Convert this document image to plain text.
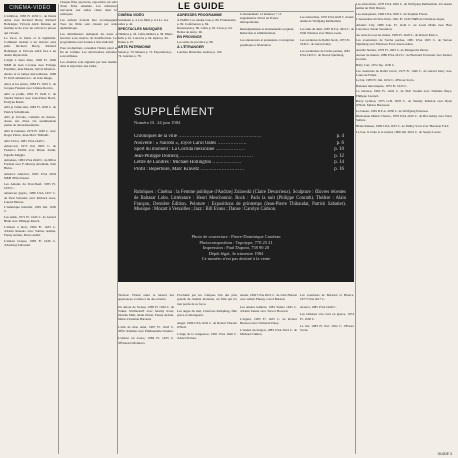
CINÉMA-VIDÉO

L'addition, 1983 Fr 1h50 C. de Denis Amar avec Richard Berry, Richard Bohringer, Victoria Abril. Détenu, un homme se lie avec un caïd de la prison qui s'évade.

La force, la haine et la légitimité. Comment résister à un univers sans pitié. Richard Berry, Richard Bohringer et Victoria Abril face à un destin implacable.

L'aigle à deux têtes, 1948 Fr. 1h40 N&B de Jean Cocteau avec Edwige Feuillère, Jean Marais, Sylvia Monfort.

Alexis et la lampe merveilleuse, 1969 Fr 1h45 animation C. de Jean Image.

Alice et les autres, 1984 Fr. 1h25 C. de Jacques Fansten avec Liliane Rovère.

Allô ce jardin, 1981 Fr 1h40 C. de Sandra Werner avec Jean-Pierre Bacri, Evelyne Bouix.

Allô je t'aime mal, 1982 Fr. 1h30 C. de Patrick Schulmann.

Allô je t'écoute, comédie de mœurs, douze ans d'une vie sentimentale pleine de rebondissements.

Allô le bonheur, 1979 Fr 1h30 C. avec Roger Pierre, Jean-Marc Thibault.

Allô Victor, 1981 USA 1h40 C.

Amarcord, 1973 Ital. 2h05 C. de Federico Fellini avec Bruno Zanin, Pupella Maggio.

Amadeus, 1984 USA 2h40 C. de Milos Forman avec F. Murray Abraham, Tom Hulce.

America America, 1963 USA 2h54 N&B d'Elia Kazan.

Les Amants du Pont-Neuf, 1983 Fr. 1h35 C.

American gigolo, 1980 USA 1h57 C. de Paul Schrader avec Richard Gere, Lauren Hutton.

L'Amérique interdite, 1981 Ital. 1h30 C.

Les Amis, 1971 Fr. 1h45 C. de Gérard Blain avec Philippe March.

L'amour à mort, 1984 Fr. 1h33 C. d'Alain Resnais avec Sabine Azéma, Fanny Ardant, Pierre Arditi.

L'amour braque, 1985 Fr 1h40 C. d'Andrzej Zulawski.

Chaque film, spectacle, exposition est suivi d'une fiche résumée. Les références renvoient aux salles citées dans les rubriques.

Les enfants doivent être accompagnés. Tous les films sont classés par ordre alphabétique.

Les distributeurs indiquent les dates et horaires sous réserve de modification. Les programmes sont donnés à titre indicatif.

Pour un dépliant, consultez l'index placé en fin de volume. Les abréviations suivantes sont utilisées.

Les cinémas sont signalés par leur numéro dans le répertoire des salles.

LE GUIDE
CINÉMA VIDÉO
Sommaire p. 4. Les films p. 6 à 41. Les salles p. 42.
SPECTACLES MUSIQUES
Théâtres p. 43. Cafés-théâtres p. 58. Music-halls p. 61. Concerts p. 64. Opéra p. 66. Danse p. 67.
ARTS PATRIMOINE
Salons p. 70. Musées p. 72. Expositions p. 74. Galeries p. 78.
ADRESSES PROGRAMME
À PARIS. Les rendez-vous p. 80. Promenades p. 82. Conférences p. 84.
Restaurants p. 86. Cafés p. 92. Caves p. 94. Boîtes de nuit p. 96.
EN PROVINCE
Les salles de province p. 98.
À L'ÉTRANGER
Londres, Bruxelles, Genève p. 100.
L'abonnement: 12 numéros + 12 suppléments. Envoi en France métropolitaine.
Renseignements et abonnements au guide. Rédaction et administration.
Les annonceurs et partenaires. Conception graphique et fabrication.

Les aristochats, 1970 USA 1h20 C. dessin animé de Wolfgang Reitherman.

Les ailes du désir, 1987 R.F.A. 2h10 C. de Wim Wenders avec Bruno Ganz.

Les aventures de Rabbi Jacob, 1973 Fr. 1h40 C. de Gérard Oury.

Les aventuriers de l'arche perdue, 1981 USA 1h55 C. de Steven Spielberg.

SUPPLÉMENT
Numéro 01. 24 juin 1984
Chroniques de la ville ……………………………………………	p. 4
Nouvelle : « Nairobi », Joyce Carol Oates ………………	p. 6
Sport du moment : La Corrida mexicaine ………………	p. 10
Jean-Philippe Domecq ………………………………………	p. 12
Lettre de Londres : Michael Hollington ………………	p. 14
Profil : Repertoire, Marc Kravetz ………………………	p. 16
Rubriques : Cinéma : la Femme publique d'Andrzej Zulawski (Claire Devarrieux). Sculpture : Œuvres récentes de Baltasar Lobo. Littérature : Henri Meschonnic. Rock : Paris la nuit (Philippe Conrath). Théâtre : Alain Françon, Dernière Édition. Peinture : Expositions de printemps (Jean-Pierre Thibaudat, Patrick Sabatier). Musique : Mozart à Versailles ; Jazz : Bill Evans ; Danse : Carolyn Carlson.
Photo de couverture : Pierre-Dominique Castéran
Photocomposition : Topotype, 770 25 21
Impression : Paul Dupont, 758 90 20
Dépôt légal, 3e trimestre 1984
Ce numéro n'est pas destiné à la vente

Taxiwar. Plaisir entre le hasard des apparences, la mise à nu des acteurs.

Un amour de Swann, 1983 Fr 1h50 C. de Volker Schlöndorff avec Jeremy Irons, Ornella Muti, Alain Delon, Fanny Ardant, Marie-Christine Barrault.

L'ami de mon amie, 1987 Fr. 1h43 C. d'Éric Rohmer avec Emmanuelle Chaulet.

L'amour en douce, 1984 Fr. 1h35 C. d'Édouard Molinaro.

Proclamé par les critiques l'un des plus grands du cinéma moderne, un film qui n'a rien perdu de sa force.

Les anges du mal, Charlotte Rampling, film grave et dérangeant.

Angel, 1984 USA 1h32 C. de Robert Vincent O'Neil.

L'ange de la vengeance, 1981 USA 1h20 C. d'Abel Ferrara.

Annie, 1982 USA 2h10 C. de John Huston avec Albert Finney, Carol Burnett.

Les années lumière, 1981 Suisse 1h45 C. d'Alain Tanner avec Trevor Howard.

L'argent, 1983 Fr 1h25 C. de Robert Bresson avec Christian Patey.

L'Année du dragon, 1985 USA 2h14 C. de Michael Cimino.

Les aventures de Bernard et Bianca, 1977 USA 1h17 C.

Aviator, 1985 USA 1h40 C.

Les bidasses s'en vont en guerre, 1974 Fr. 1h30 C.

Le bal, 1983 Fr. Ital. 1h52 C. d'Ettore Scola.

Les aristochats, 1970 USA 1h20 C. de Wolfgang Reitherman. Un dessin animé de Walt Disney.

Les arnaqueurs, 1990 USA 1h50 C. de Stephen Frears.

L'Assassinat du Père Noël, 1941 Fr. 1h45 N&B de Christian-Jaque.

Atlantic City, 1980 Can. Fr. 1h44 C. de Louis Malle avec Burt Lancaster, Susan Sarandon.

Au nom de tous les miens, 1983 Fr. 2h20 C. de Robert Enrico.

Les aventuriers de l'arche perdue, 1981 USA 1h55 C. de Steven Spielberg avec Harrison Ford, Karen Allen.

Aurélia Steiner, 1979 Fr. 1h05 C. de Marguerite Duras.

Autour de minuit, 1986 USA 2h13 C. de Bertrand Tavernier avec Dexter Gordon.

Baby Cart, 1972 Jap. 1h30 C.

Les aventures de Rabbi Jacob, 1973 Fr. 1h40 C. de Gérard Oury avec Louis de Funès.

Le bal, 1983 Fr. Ital. 1h52 C. d'Ettore Scola.

Bananes mécaniques, 1973 Fr. 1h25 C.

La balance, 1982 Fr. 1h42 C. de Bob Swaim avec Nathalie Baye, Philippe Léotard.

Barry Lyndon, 1975 G.B. 3h05 C. de Stanley Kubrick avec Ryan O'Neal, Marisa Berenson.

Le bateau, 1981 R.F.A. 2h30 C. de Wolfgang Petersen.

Bienvenue Mister Chance, 1979 USA 2h10 C. de Hal Ashby avec Peter Sellers.

Blade Runner, 1982 USA 1h57 C. de Ridley Scott avec Harrison Ford.

Le bon, la brute et le truand, 1966 Ital. 2h41 C. de Sergio Leone.

GUIDE 3
